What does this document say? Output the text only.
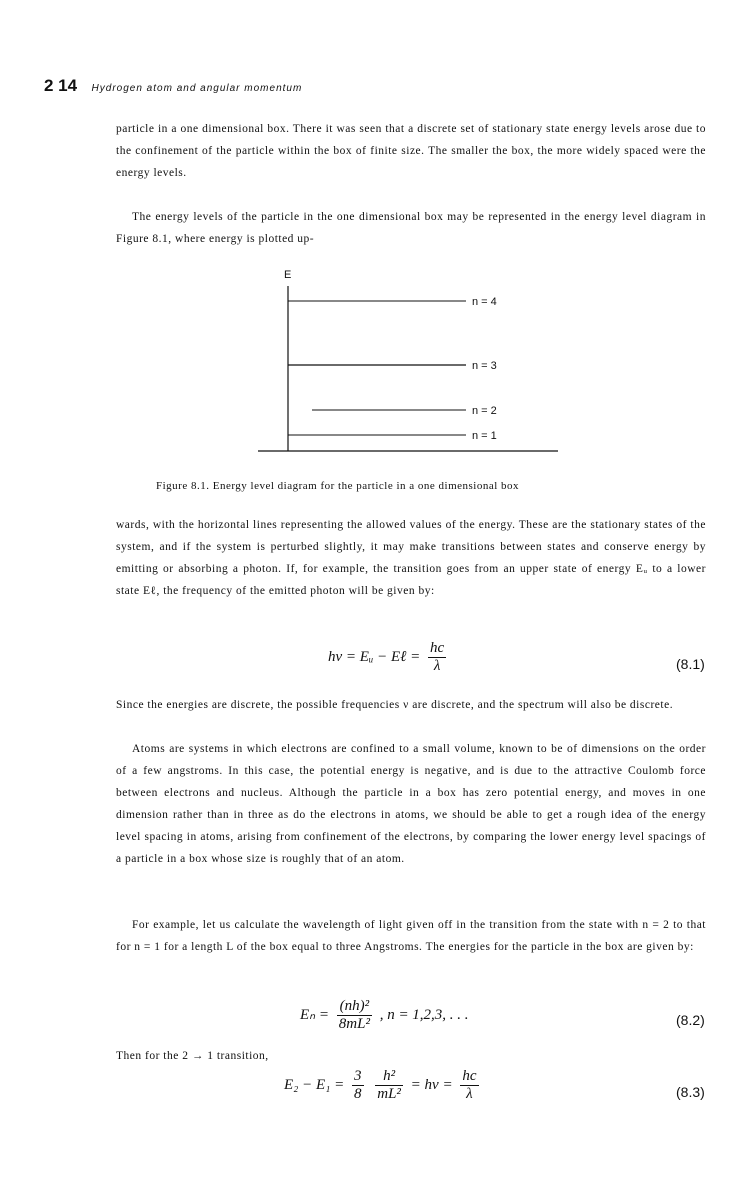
2 14 Hydrogen atom and angular momentum

particle in a one dimensional box. There it was seen that a discrete set of stationary state energy levels arose due to the confinement of the particle within the box of finite size. The smaller the box, the more widely spaced were the energy levels.

The energy levels of the particle in the one dimensional box may be represented in the energy level diagram in Figure 8.1, where energy is plotted up-

E
n = 4
n = 3
n = 2
n = 1
Figure 8.1. Energy level diagram for the particle in a one dimensional box

wards, with the horizontal lines representing the allowed values of the energy. These are the stationary states of the system, and if the system is perturbed slightly, it may make transitions between states and conserve energy by emitting or absorbing a photon. If, for example, the transition goes from an upper state of energy Eᵤ to a lower state Eℓ, the frequency of the emitted photon will be given by:

hν = Eᵤ − Eℓ = $\frac{hc}{\lambda}$	(8.1)

Since the energies are discrete, the possible frequencies ν are discrete, and the spectrum will also be discrete.

Atoms are systems in which electrons are confined to a small volume, known to be of dimensions on the order of a few angstroms. In this case, the potential energy is negative, and is due to the attractive Coulomb force between electrons and nucleus. Although the particle in a box has zero potential energy, and moves in one dimension rather than in three as do the electrons in atoms, we should be able to get a rough idea of the energy level spacing in atoms, arising from confinement of the electrons, by comparing the lower energy level spacings of a particle in a box whose size is roughly that of an atom.

For example, let us calculate the wavelength of light given off in the transition from the state with n = 2 to that for n = 1 for a length L of the box equal to three Angstroms. The energies for the particle in the box are given by:

$E_n = \frac{\text{(nh)²}}{\text{8mL²}}$ , n = 1,2,3, . . .	(8.2)

Then for the 2 → 1 transition,

$E_2 - E_1 = \frac{3}{8}$
$\frac{\text{h²}}{\text{mL²}} = h\nu = \frac{hc}{\lambda}$	(8.3)
